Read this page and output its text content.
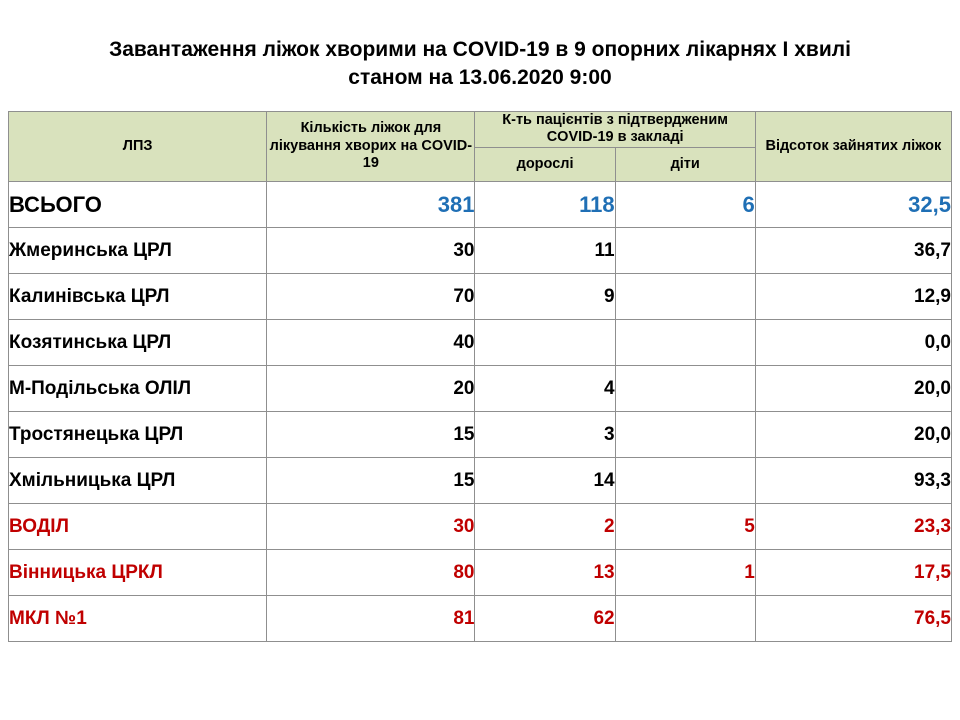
Завантаження ліжок хворими на COVID-19 в 9 опорних лікарнях І хвилі
станом на 13.06.2020 9:00
ЛПЗ	Кількість ліжок для лікування хворих на COVID-19	К-ть пацієнтів з підтвердженим COVID-19 в закладі		Відсоток зайнятих ліжок
		дорослі	діти	
ВСЬОГО	381	118	6	32,5
Жмеринська ЦРЛ	30	11		36,7
Калинівська ЦРЛ	70	9		12,9
Козятинська ЦРЛ	40			0,0
М-Подільська ОЛІЛ	20	4		20,0
Тростянецька ЦРЛ	15	3		20,0
Хмільницька ЦРЛ	15	14		93,3
ВОДІЛ	30	2	5	23,3
Вінницька ЦРКЛ	80	13	1	17,5
МКЛ №1	81	62		76,5
